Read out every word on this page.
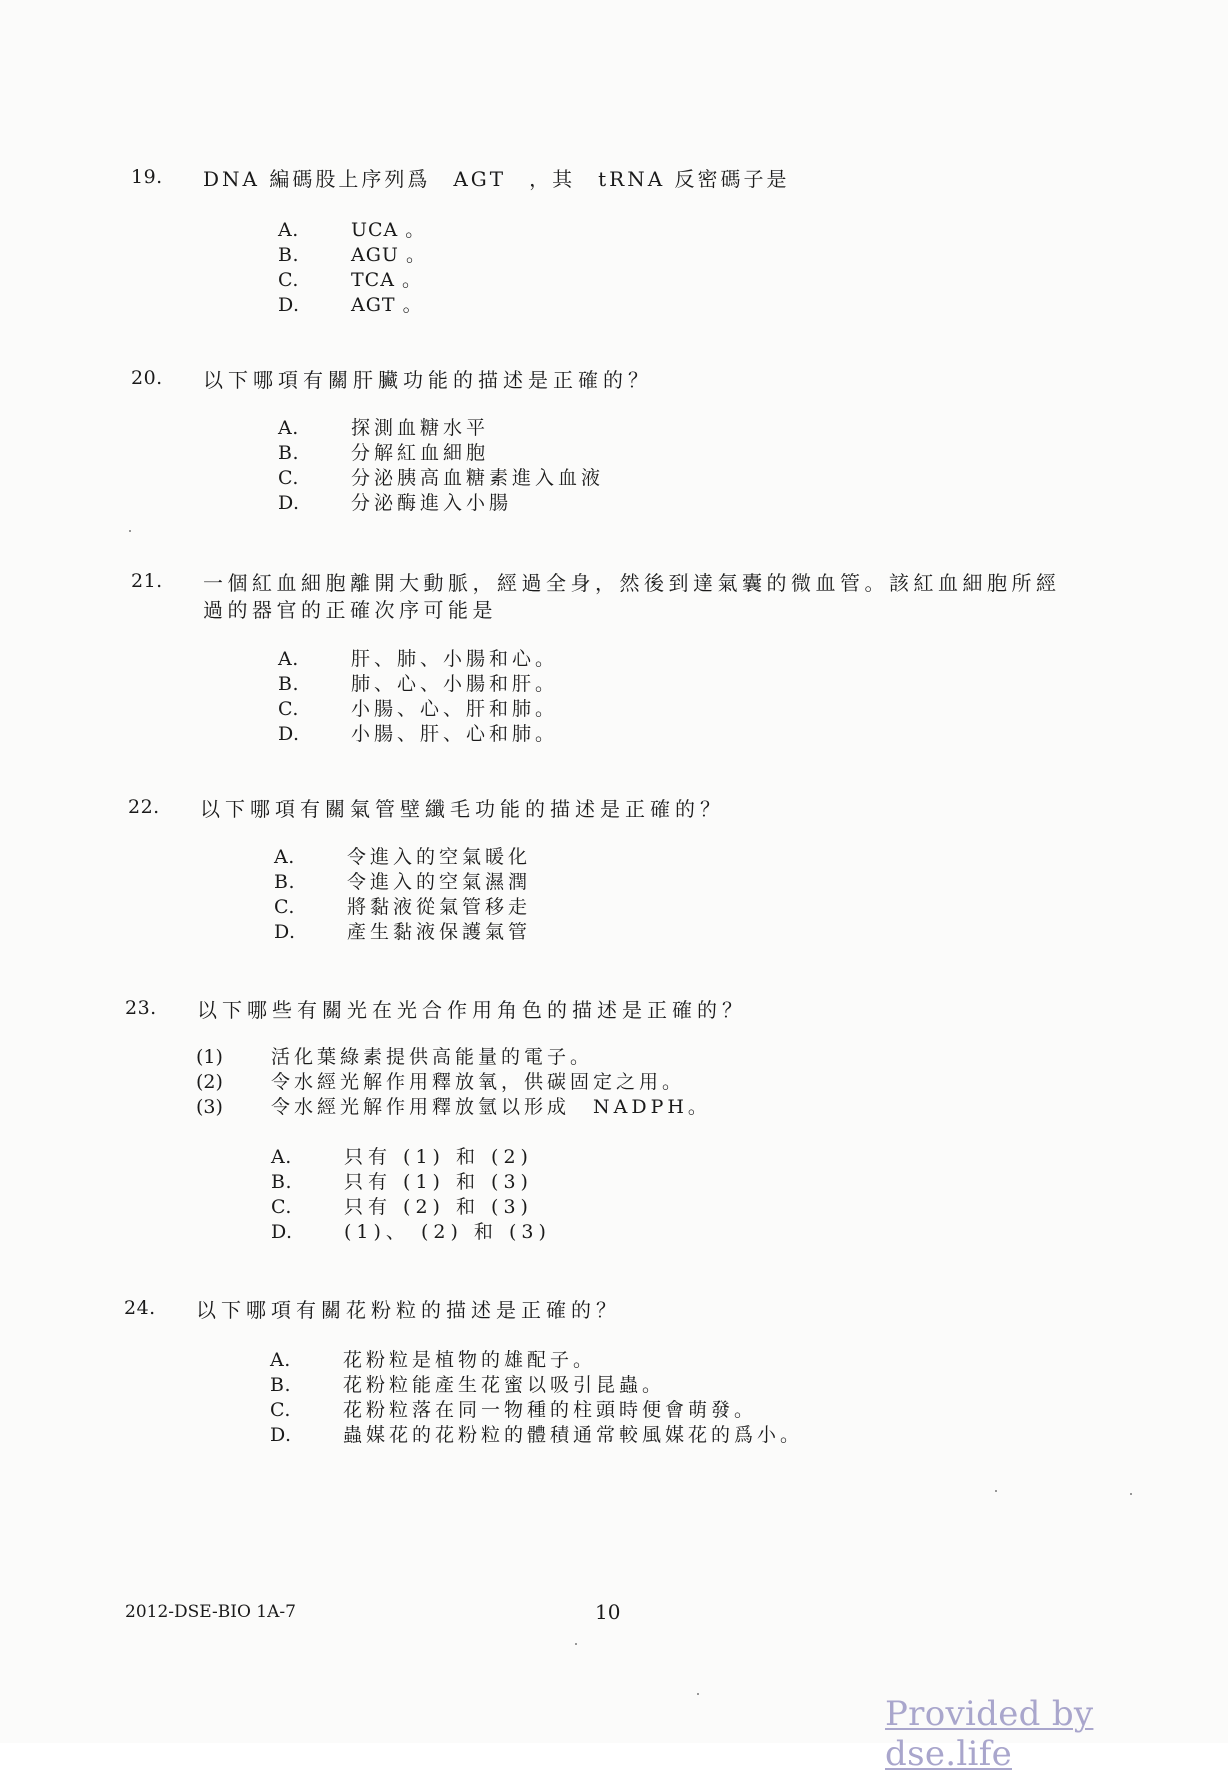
19. DNA 編碼股上序列爲　AGT　，其　tRNA 反密碼子是
A.	UCA 。
B.	AGU 。
C.	TCA 。
D.	AGT 。
20. 以下哪項有關肝臟功能的描述是正確的？
A.	探測血糖水平
B.	分解紅血細胞
C.	分泌胰高血糖素進入血液
D.	分泌酶進入小腸
21. 一個紅血細胞離開大動脈，經過全身，然後到達氣囊的微血管。該紅血細胞所經過的器官的正確次序可能是
A.	肝、肺、小腸和心。
B.	肺、心、小腸和肝。
C.	小腸、心、肝和肺。
D.	小腸、肝、心和肺。
22. 以下哪項有關氣管壁纖毛功能的描述是正確的？
A.	令進入的空氣暖化
B.	令進入的空氣濕潤
C.	將黏液從氣管移走
D.	產生黏液保護氣管
23. 以下哪些有關光在光合作用角色的描述是正確的？
(1)	活化葉綠素提供高能量的電子。
(2)	令水經光解作用釋放氧，供碳固定之用。
(3)	令水經光解作用釋放氫以形成　NADPH。
A.	只有 (1) 和 (2)
B.	只有 (1) 和 (3)
C.	只有 (2) 和 (3)
D.	(1)、 (2) 和 (3)
24. 以下哪項有關花粉粒的描述是正確的？
A.	花粉粒是植物的雄配子。
B.	花粉粒能產生花蜜以吸引昆蟲。
C.	花粉粒落在同一物種的柱頭時便會萌發。
D.	蟲媒花的花粉粒的體積通常較風媒花的爲小。
2012-DSE-BIO 1A-7	10
Provided by dse.life
